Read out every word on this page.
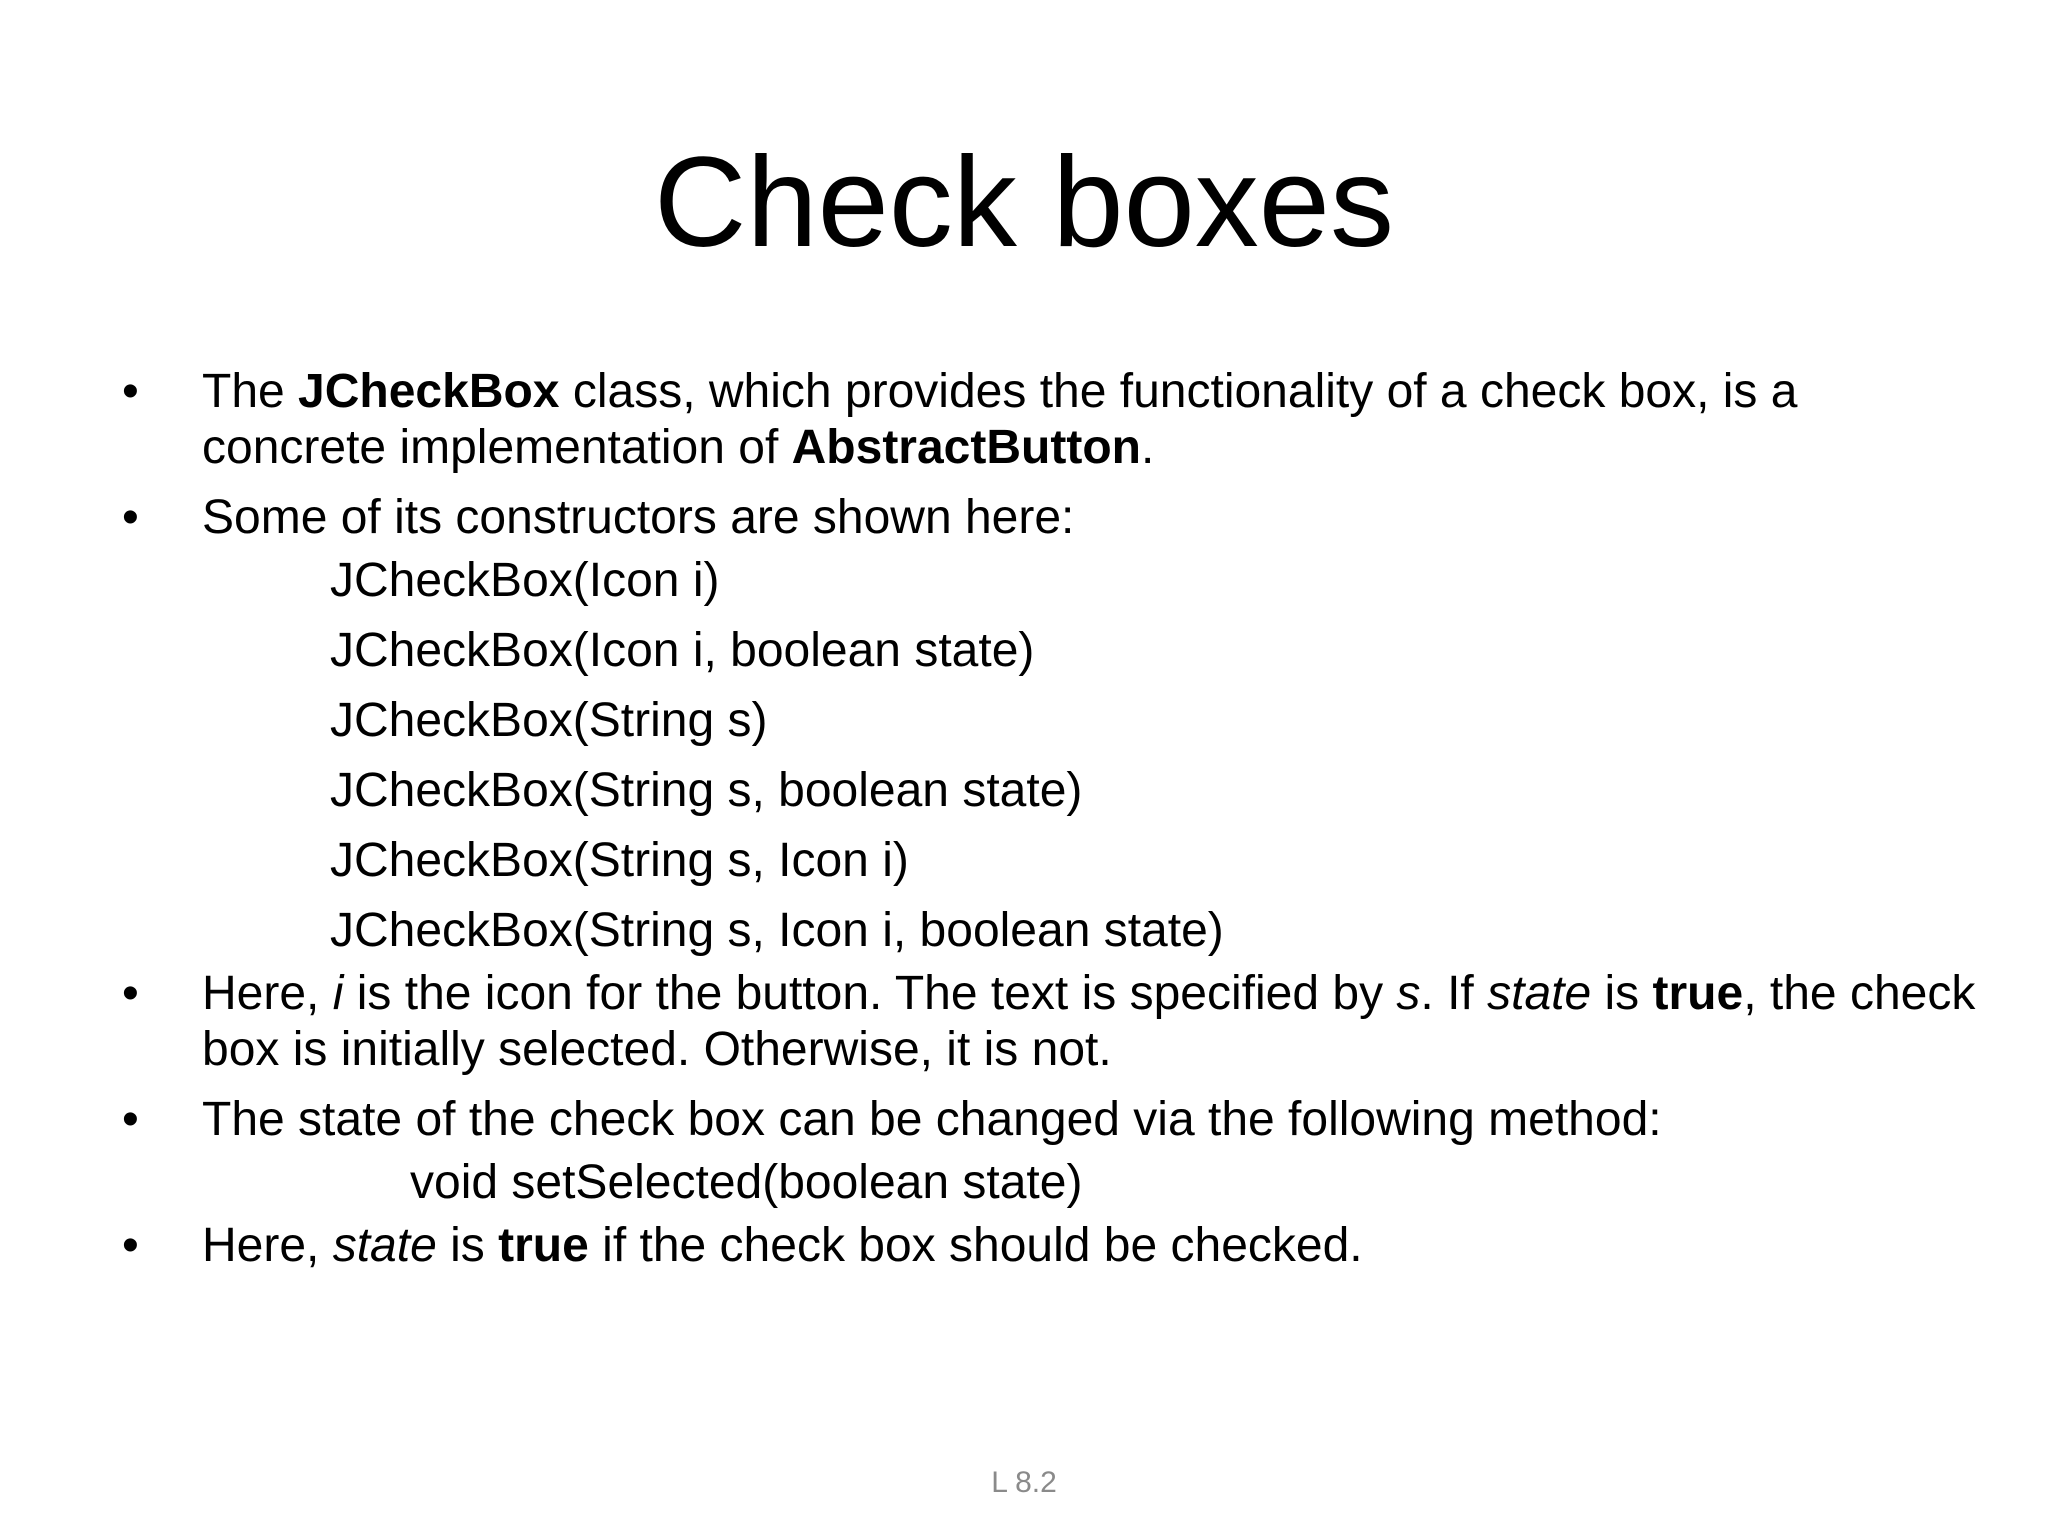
Check boxes
• The JCheckBox class, which provides the functionality of a check box, is a concrete implementation of AbstractButton.
• Some of its constructors are shown here:
JCheckBox(Icon i)
JCheckBox(Icon i, boolean state)
JCheckBox(String s)
JCheckBox(String s, boolean state)
JCheckBox(String s, Icon i)
JCheckBox(String s, Icon i, boolean state)
• Here, i is the icon for the button. The text is specified by s. If state is true, the check box is initially selected. Otherwise, it is not.
• The state of the check box can be changed via the following method:
void setSelected(boolean state)
• Here, state is true if the check box should be checked.
L 8.2
